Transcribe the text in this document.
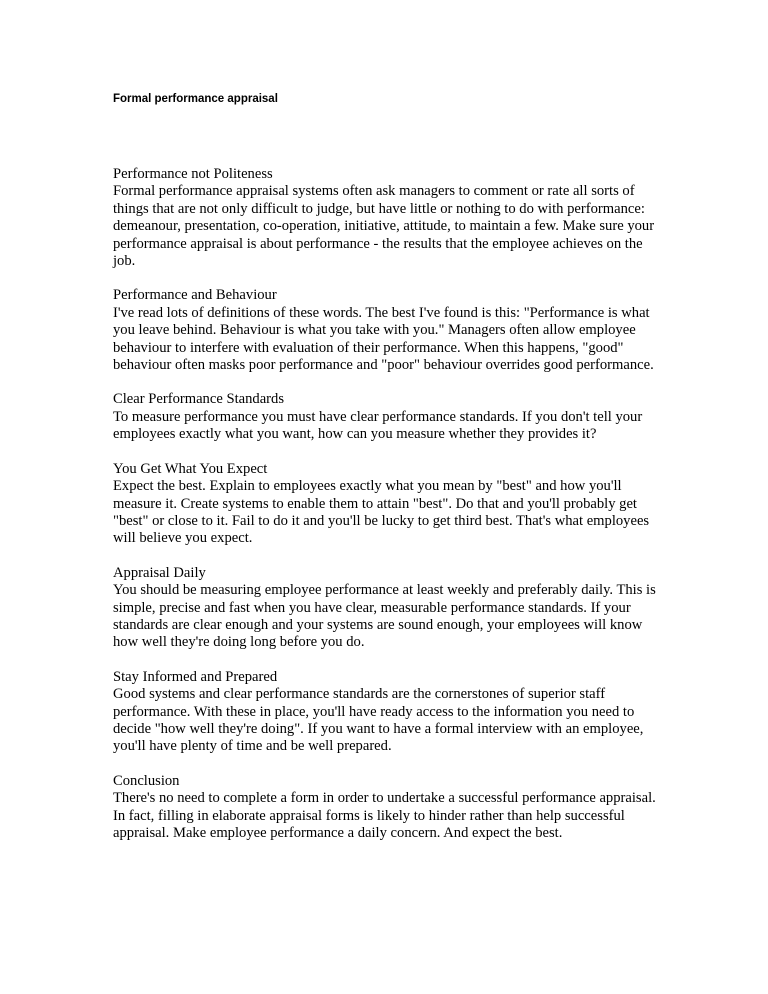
Formal performance appraisal
Performance not Politeness

Formal performance appraisal systems often ask managers to comment or rate all sorts of things that are not only difficult to judge, but have little or nothing to do with performance: demeanour, presentation, co-operation, initiative, attitude, to maintain a few. Make sure your performance appraisal is about performance - the results that the employee achieves on the job.

Performance and Behaviour

I've read lots of definitions of these words. The best I've found is this: "Performance is what you leave behind. Behaviour is what you take with you." Managers often allow employee behaviour to interfere with evaluation of their performance. When this happens, "good" behaviour often masks poor performance and "poor" behaviour overrides good performance.

Clear Performance Standards

To measure performance you must have clear performance standards. If you don't tell your employees exactly what you want, how can you measure whether they provides it?

You Get What You Expect

Expect the best. Explain to employees exactly what you mean by "best" and how you'll measure it. Create systems to enable them to attain "best". Do that and you'll probably get "best" or close to it. Fail to do it and you'll be lucky to get third best. That's what employees will believe you expect.

Appraisal Daily

You should be measuring employee performance at least weekly and preferably daily. This is simple, precise and fast when you have clear, measurable performance standards. If your standards are clear enough and your systems are sound enough, your employees will know how well they're doing long before you do.

Stay Informed and Prepared

Good systems and clear performance standards are the cornerstones of superior staff performance. With these in place, you'll have ready access to the information you need to decide "how well they're doing". If you want to have a formal interview with an employee, you'll have plenty of time and be well prepared.

Conclusion

There's no need to complete a form in order to undertake a successful performance appraisal. In fact, filling in elaborate appraisal forms is likely to hinder rather than help successful appraisal. Make employee performance a daily concern. And expect the best.
